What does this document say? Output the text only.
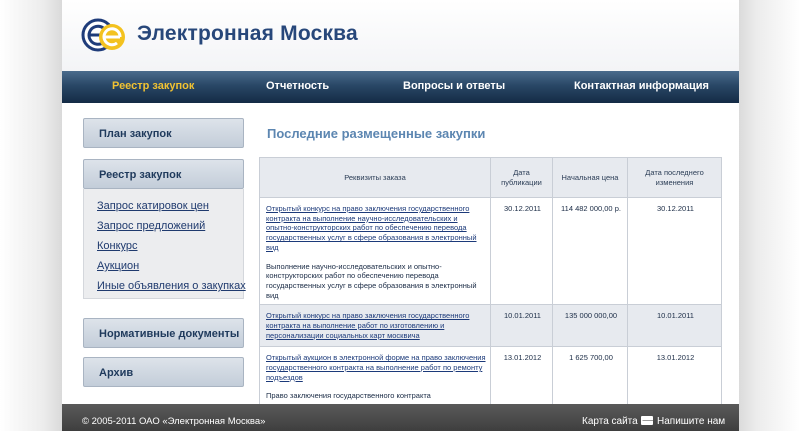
Электронная Москва
Реестр закупок	Отчетность	Вопросы и ответы	Контактная информация
План закупок
Реестр закупок
Запрос катировок цен
Запрос предложений
Конкурс
Аукцион
Иные объявления о закупках
Нормативные документы
Архив
Последние размещенные закупки
Реквизиты заказа	Дата публикации	Начальная цена	Дата последнего изменения

Открытый конкурс на право заключения государственного контракта на выполнение научно-исследовательских и опытно-конструкторских работ по обеспечению перевода государственных услуг в сфере образования в электронный вид
Выполнение научно-исследовательских и опытно-конструкторских работ по обеспечению перевода государственных услуг в сфере образования в электронный вид	30.12.2011	114 482 000,00 р.	30.12.2011

Открытый конкурс на право заключения государственного контракта на выполнение работ по изготовлению и персонализации социальных карт москвича	10.01.2011	135 000 000,00	10.01.2011

Открытый аукцион в электронной форме на право заключения государственного контракта на выполнение работ по ремонту подъездов
Право заключения государственного контракта	13.01.2012	1 625 700,00	13.01.2012
© 2005-2011 ОАО «Электронная Москва»	Карта сайта Напишите нам
